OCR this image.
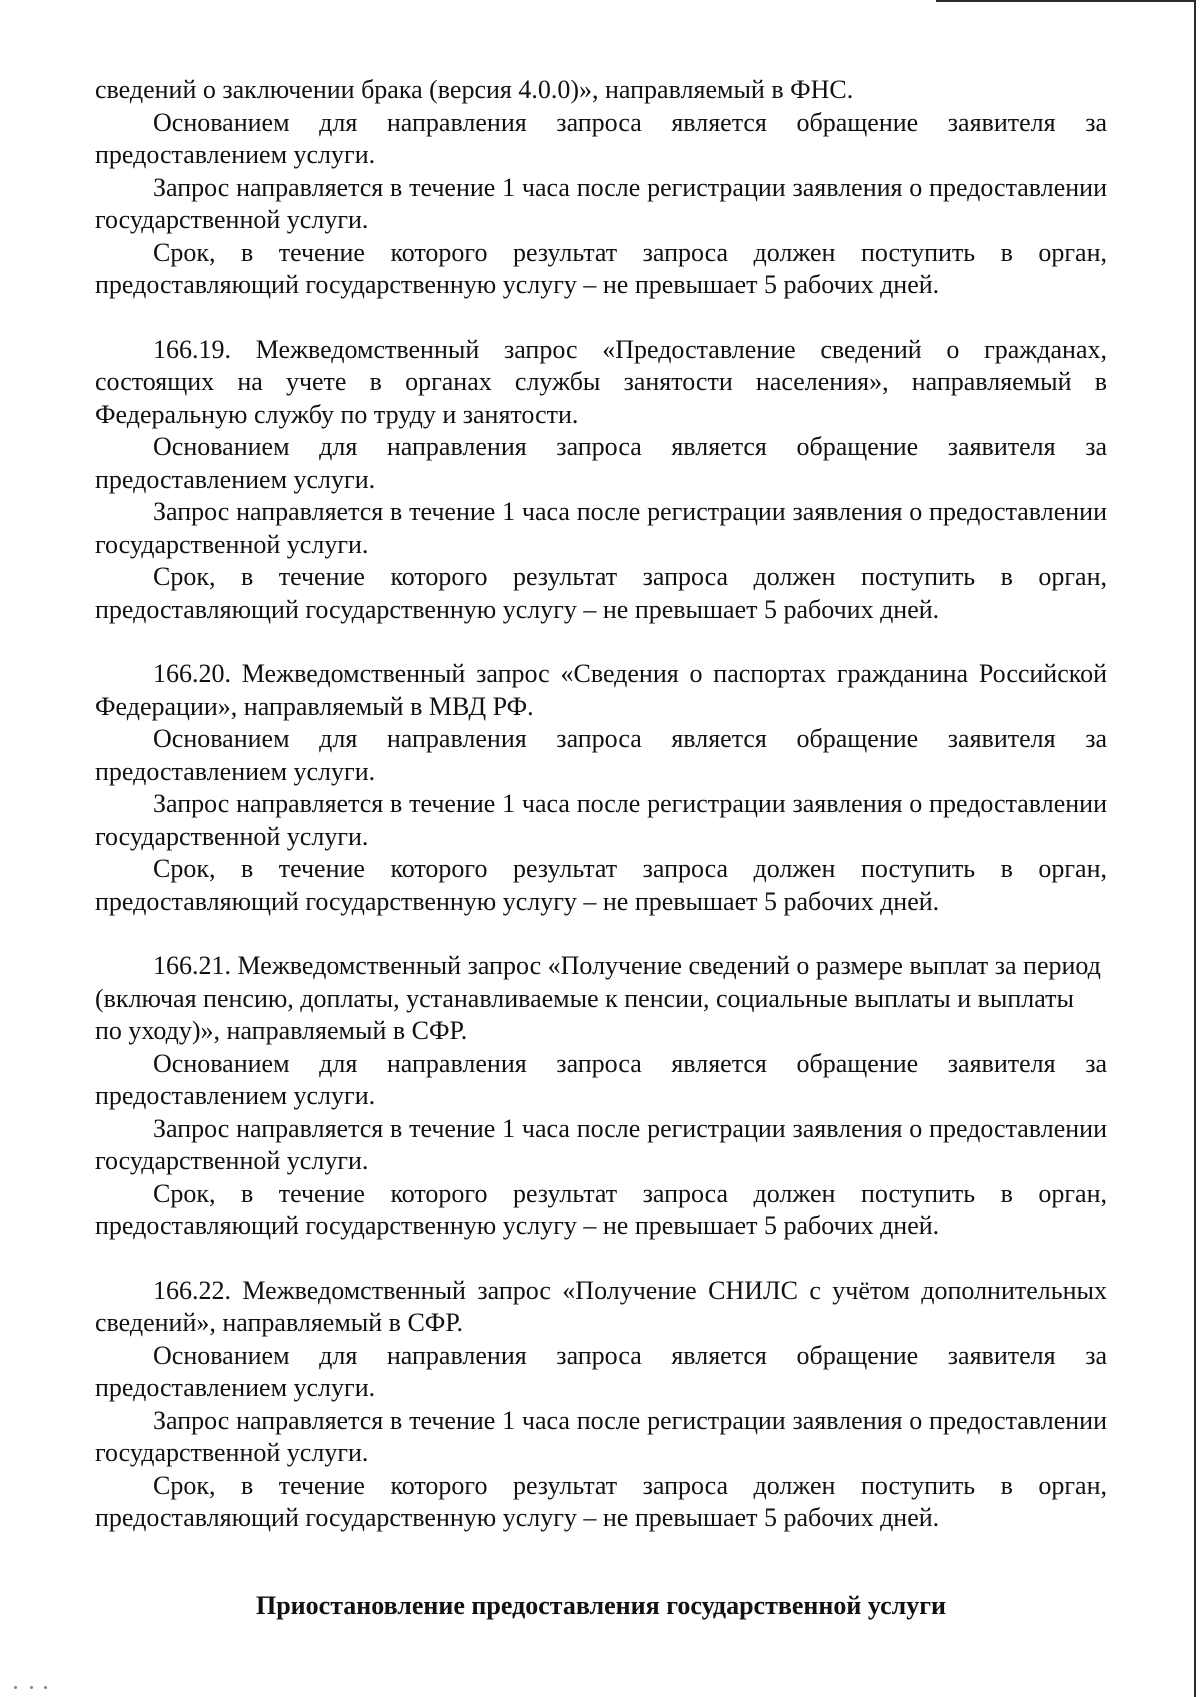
сведений о заключении брака (версия 4.0.0)», направляемый в ФНС.

Основанием для направления запроса является обращение заявителя за предоставлением услуги.

Запрос направляется в течение 1 часа после регистрации заявления о предоставлении государственной услуги.

Срок, в течение которого результат запроса должен поступить в орган, предоставляющий государственную услугу – не превышает 5 рабочих дней.

166.19. Межведомственный запрос «Предоставление сведений о гражданах, состоящих на учете в органах службы занятости населения», направляемый в Федеральную службу по труду и занятости.

Основанием для направления запроса является обращение заявителя за предоставлением услуги.

Запрос направляется в течение 1 часа после регистрации заявления о предоставлении государственной услуги.

Срок, в течение которого результат запроса должен поступить в орган, предоставляющий государственную услугу – не превышает 5 рабочих дней.

166.20. Межведомственный запрос «Сведения о паспортах гражданина Российской Федерации», направляемый в МВД РФ.

Основанием для направления запроса является обращение заявителя за предоставлением услуги.

Запрос направляется в течение 1 часа после регистрации заявления о предоставлении государственной услуги.

Срок, в течение которого результат запроса должен поступить в орган, предоставляющий государственную услугу – не превышает 5 рабочих дней.

166.21. Межведомственный запрос «Получение сведений о размере выплат за период (включая пенсию, доплаты, устанавливаемые к пенсии, социальные выплаты и выплаты по уходу)», направляемый в СФР.

Основанием для направления запроса является обращение заявителя за предоставлением услуги.

Запрос направляется в течение 1 часа после регистрации заявления о предоставлении государственной услуги.

Срок, в течение которого результат запроса должен поступить в орган, предоставляющий государственную услугу – не превышает 5 рабочих дней.

166.22. Межведомственный запрос «Получение СНИЛС с учётом дополнительных сведений», направляемый в СФР.

Основанием для направления запроса является обращение заявителя за предоставлением услуги.

Запрос направляется в течение 1 часа после регистрации заявления о предоставлении государственной услуги.

Срок, в течение которого результат запроса должен поступить в орган, предоставляющий государственную услугу – не превышает 5 рабочих дней.

Приостановление предоставления государственной услуги
